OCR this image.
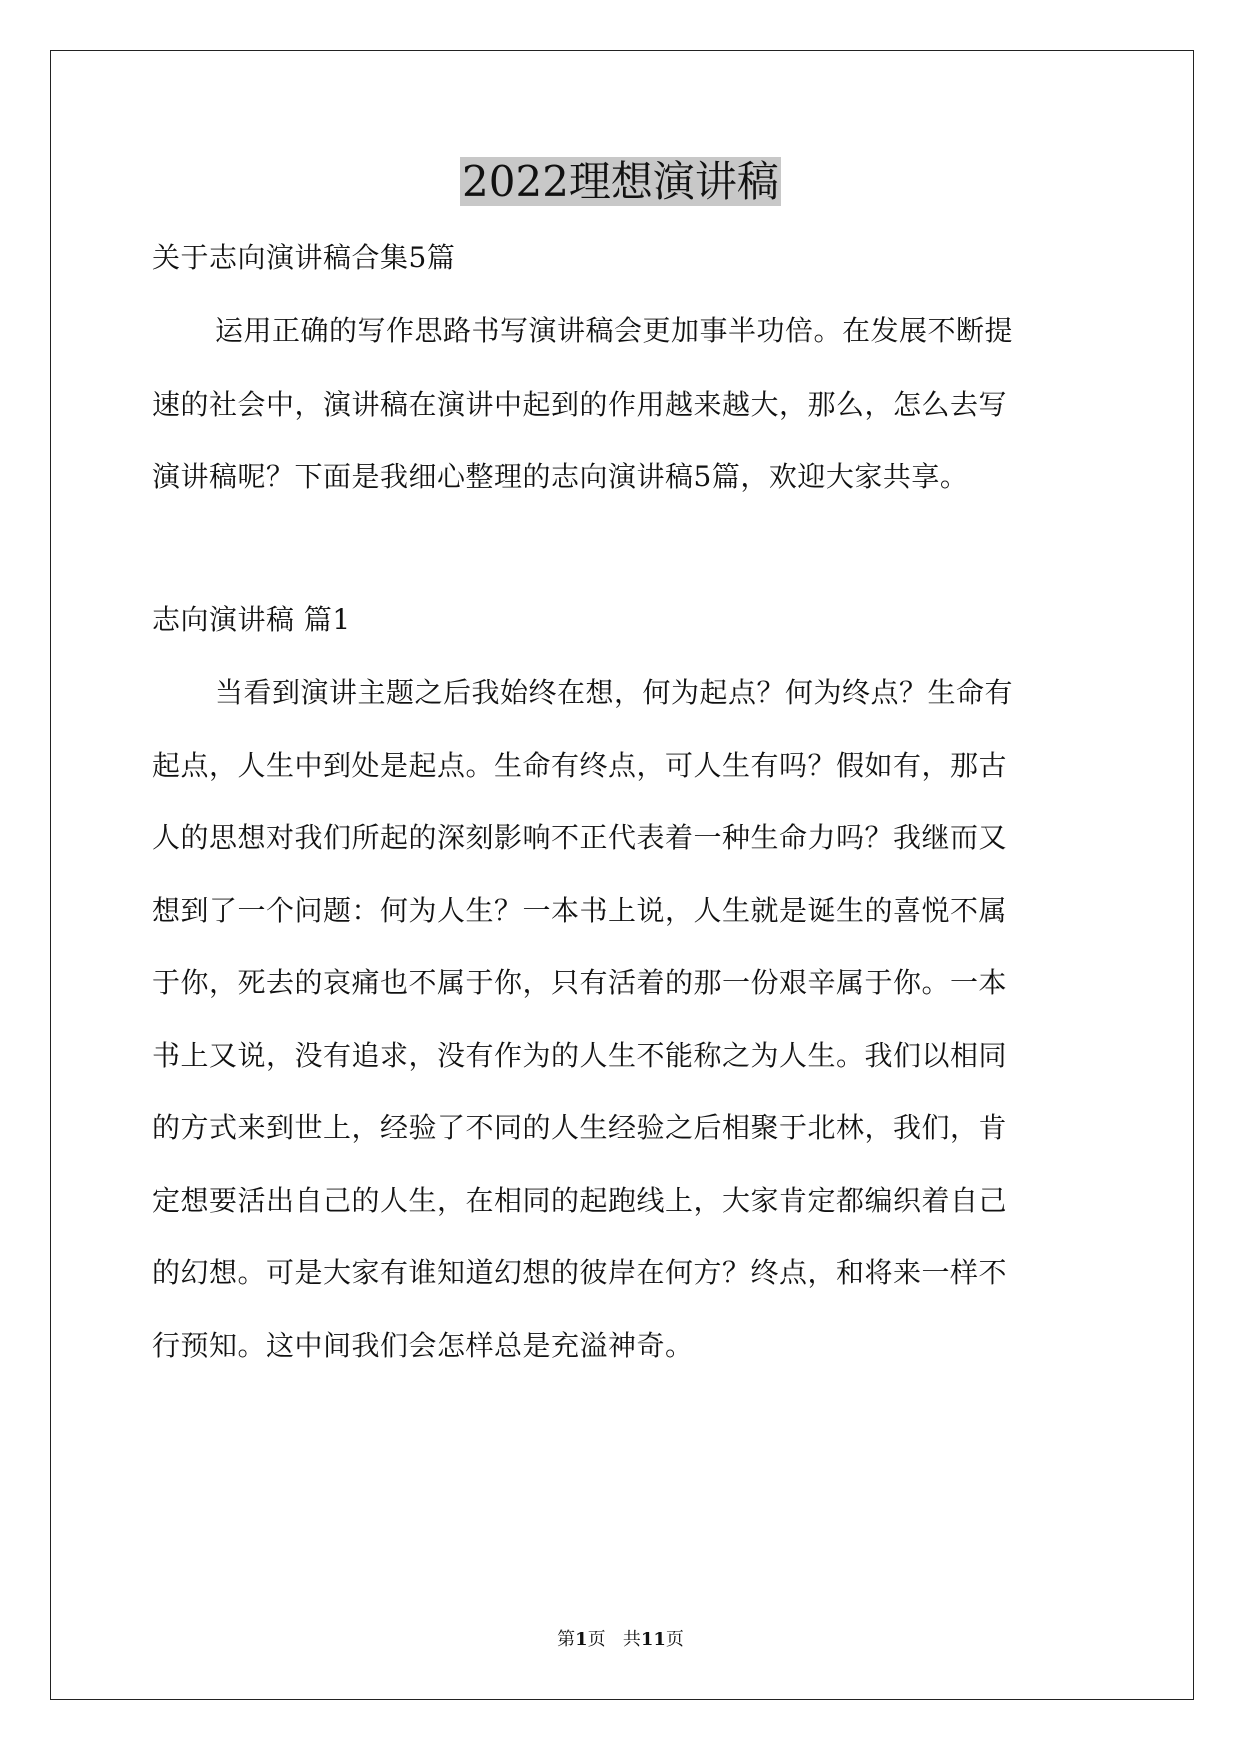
2022理想演讲稿
关于志向演讲稿合集5篇
运用正确的写作思路书写演讲稿会更加事半功倍。在发展不断提
速的社会中，演讲稿在演讲中起到的作用越来越大，那么，怎么去写
演讲稿呢？下面是我细心整理的志向演讲稿5篇，欢迎大家共享。
志向演讲稿 篇1
当看到演讲主题之后我始终在想，何为起点？何为终点？生命有
起点，人生中到处是起点。生命有终点，可人生有吗？假如有，那古
人的思想对我们所起的深刻影响不正代表着一种生命力吗？我继而又
想到了一个问题：何为人生？一本书上说，人生就是诞生的喜悦不属
于你，死去的哀痛也不属于你，只有活着的那一份艰辛属于你。一本
书上又说，没有追求，没有作为的人生不能称之为人生。我们以相同
的方式来到世上，经验了不同的人生经验之后相聚于北林，我们，肯
定想要活出自己的人生，在相同的起跑线上，大家肯定都编织着自己
的幻想。可是大家有谁知道幻想的彼岸在何方？终点，和将来一样不
行预知。这中间我们会怎样总是充溢神奇。
第1页 共11页
